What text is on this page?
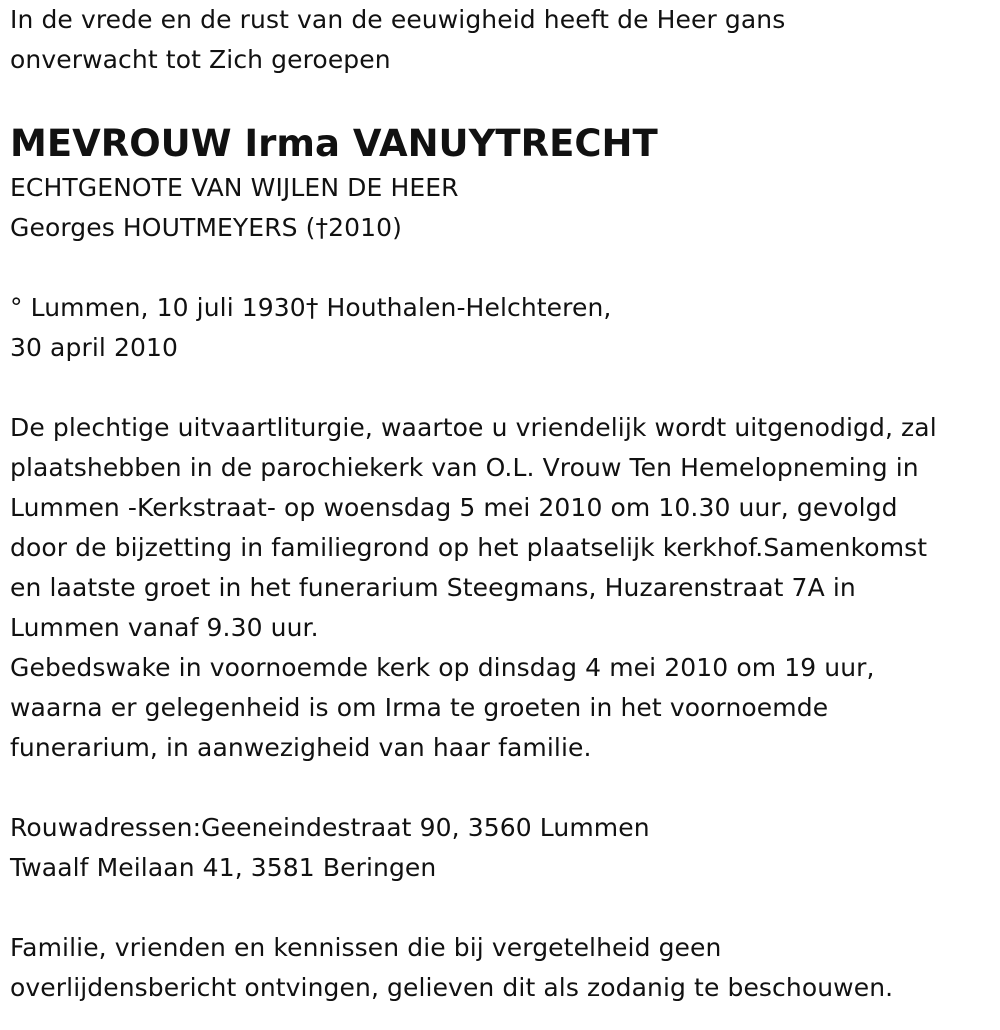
In de vrede en de rust van de eeuwigheid heeft de Heer gans
onverwacht tot Zich geroepen
MEVROUW Irma VANUYTRECHT
ECHTGENOTE VAN WIJLEN DE HEER
Georges HOUTMEYERS (†2010)
° Lummen, 10 juli 1930† Houthalen-Helchteren,
30 april 2010
De plechtige uitvaartliturgie, waartoe u vriendelijk wordt uitgenodigd, zal
plaatshebben in de parochiekerk van O.L. Vrouw Ten Hemelopneming in
Lummen -Kerkstraat- op woensdag 5 mei 2010 om 10.30 uur, gevolgd
door de bijzetting in familiegrond op het plaatselijk kerkhof.Samenkomst
en laatste groet in het funerarium Steegmans, Huzarenstraat 7A in
Lummen vanaf 9.30 uur.
Gebedswake in voornoemde kerk op dinsdag 4 mei 2010 om 19 uur,
waarna er gelegenheid is om Irma te groeten in het voornoemde
funerarium, in aanwezigheid van haar familie.
Rouwadressen:Geeneindestraat 90, 3560 Lummen
Twaalf Meilaan 41, 3581 Beringen
Familie, vrienden en kennissen die bij vergetelheid geen
overlijdensbericht ontvingen, gelieven dit als zodanig te beschouwen.
